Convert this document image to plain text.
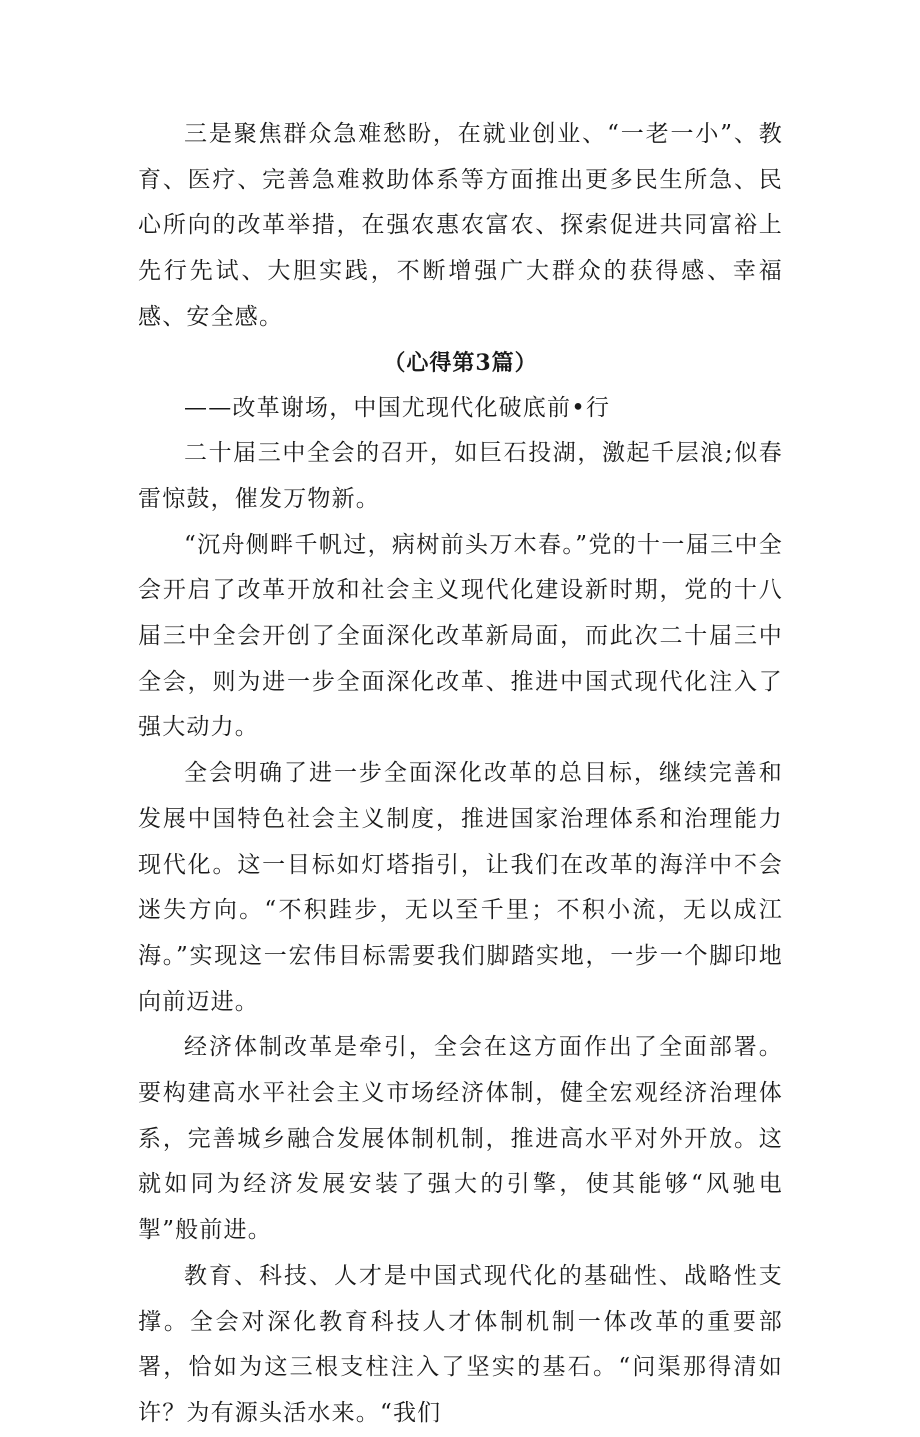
三是聚焦群众急难愁盼，在就业创业、“一老一小”、教育、医疗、完善急难救助体系等方面推出更多民生所急、民心所向的改革举措，在强农惠农富农、探索促进共同富裕上先行先试、大胆实践，不断增强广大群众的获得感、幸福感、安全感。

（心得第3篇）

——改革谢场，中国尤现代化破底前•行

二十届三中全会的召开，如巨石投湖，激起千层浪;似春雷惊鼓，催发万物新。

“沉舟侧畔千帆过，病树前头万木春。”党的十一届三中全会开启了改革开放和社会主义现代化建设新时期，党的十八届三中全会开创了全面深化改革新局面，而此次二十届三中全会，则为进一步全面深化改革、推进中国式现代化注入了强大动力。

全会明确了进一步全面深化改革的总目标，继续完善和发展中国特色社会主义制度，推进国家治理体系和治理能力现代化。这一目标如灯塔指引，让我们在改革的海洋中不会迷失方向。“不积跬步，无以至千里；不积小流，无以成江海。”实现这一宏伟目标需要我们脚踏实地，一步一个脚印地向前迈进。

经济体制改革是牵引，全会在这方面作出了全面部署。要构建高水平社会主义市场经济体制，健全宏观经济治理体系，完善城乡融合发展体制机制，推进高水平对外开放。这就如同为经济发展安装了强大的引擎，使其能够“风驰电掣”般前进。

教育、科技、人才是中国式现代化的基础性、战略性支撑。全会对深化教育科技人才体制机制一体改革的重要部署，恰如为这三根支柱注入了坚实的基石。“问渠那得清如许？为有源头活水来。“我们
